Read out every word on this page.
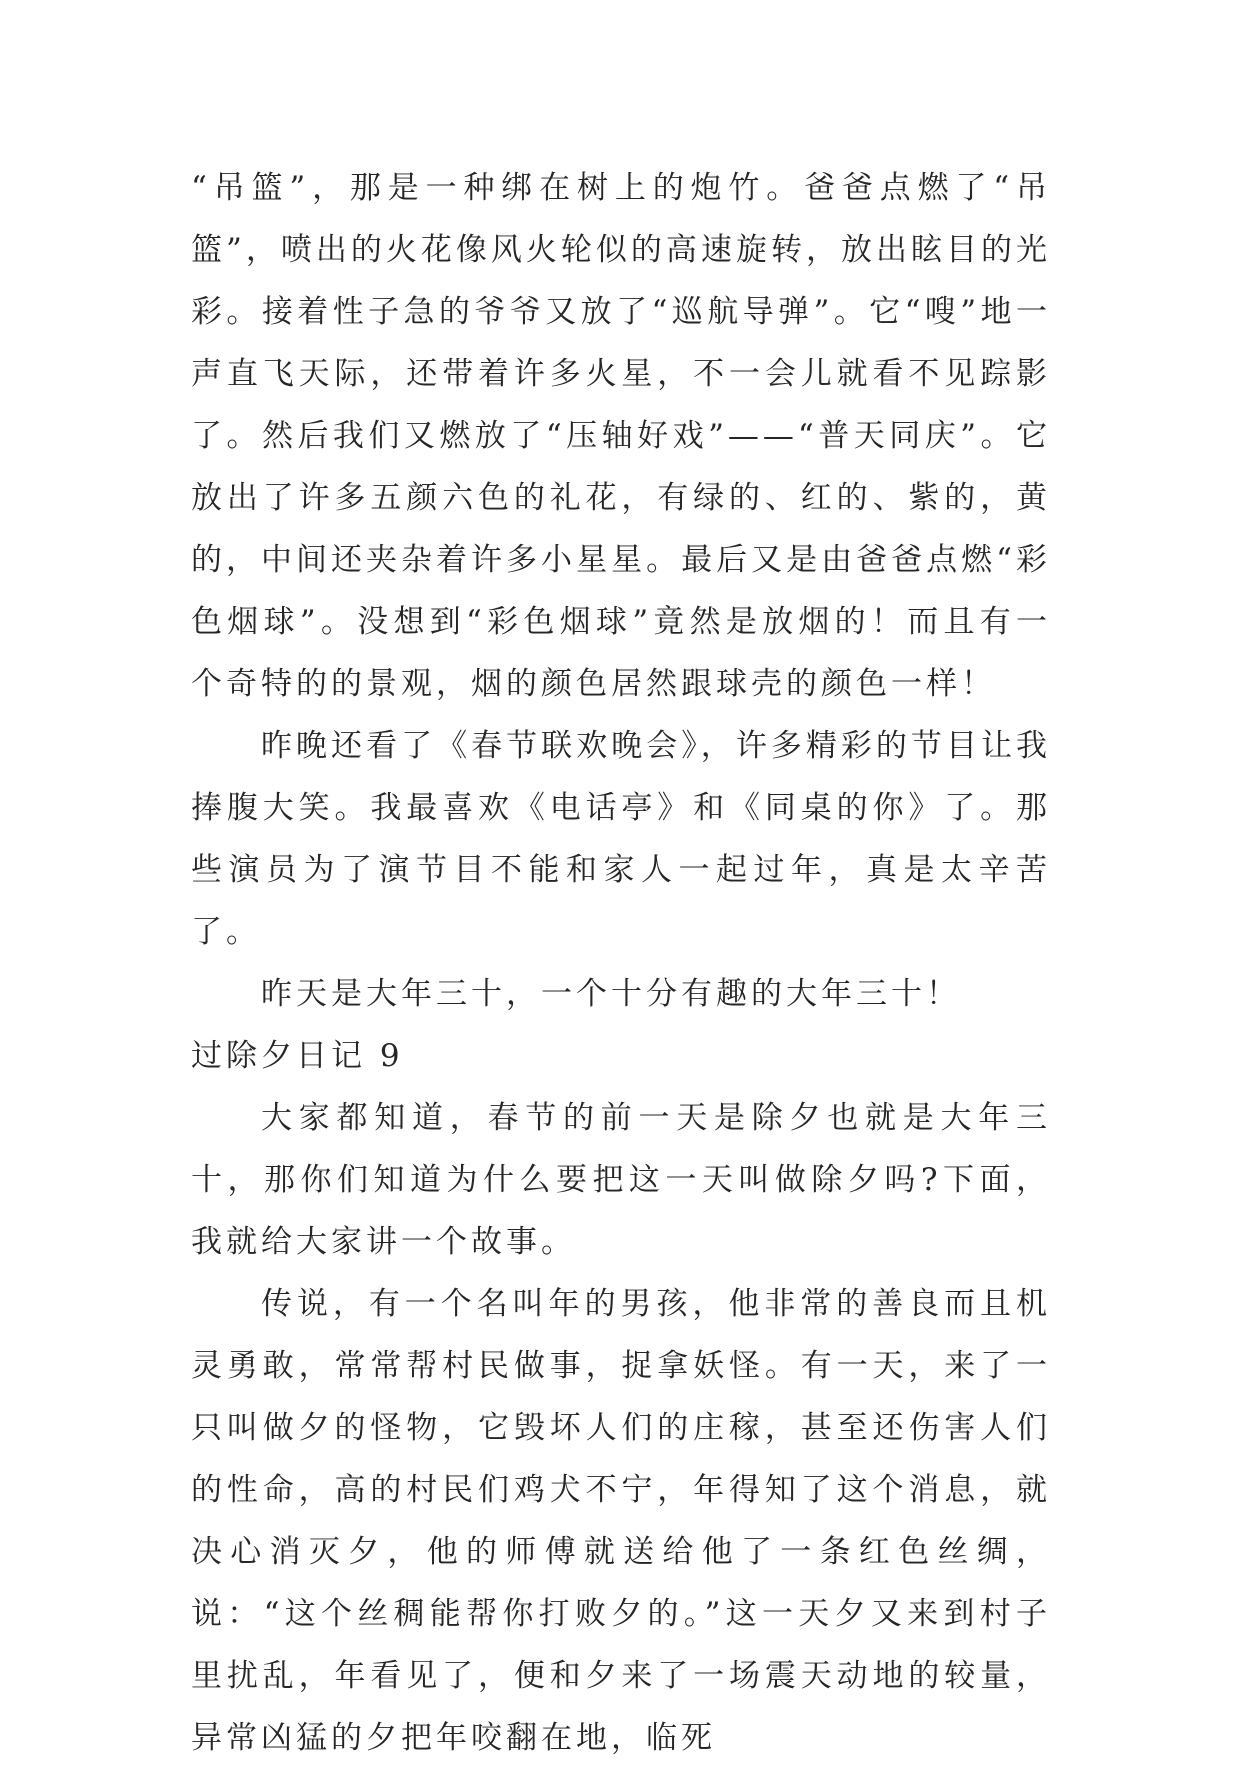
“吊篮”，那是一种绑在树上的炮竹。爸爸点燃了“吊篮”，喷出的火花像风火轮似的高速旋转，放出眩目的光彩。接着性子急的爷爷又放了“巡航导弹”。它“嗖”地一声直飞天际，还带着许多火星，不一会儿就看不见踪影了。然后我们又燃放了“压轴好戏”——“普天同庆”。它放出了许多五颜六色的礼花，有绿的、红的、紫的，黄的，中间还夹杂着许多小星星。最后又是由爸爸点燃“彩色烟球”。没想到“彩色烟球”竟然是放烟的！而且有一个奇特的的景观，烟的颜色居然跟球壳的颜色一样！

昨晚还看了《春节联欢晚会》，许多精彩的节目让我捧腹大笑。我最喜欢《电话亭》和《同桌的你》了。那些演员为了演节目不能和家人一起过年，真是太辛苦了。

昨天是大年三十，一个十分有趣的大年三十！

过除夕日记 9

大家都知道，春节的前一天是除夕也就是大年三十，那你们知道为什么要把这一天叫做除夕吗?下面，我就给大家讲一个故事。

传说，有一个名叫年的男孩，他非常的善良而且机灵勇敢，常常帮村民做事，捉拿妖怪。有一天，来了一只叫做夕的怪物，它毁坏人们的庄稼，甚至还伤害人们的性命，高的村民们鸡犬不宁，年得知了这个消息，就决心消灭夕，他的师傅就送给他了一条红色丝绸，说：“这个丝稠能帮你打败夕的。”这一天夕又来到村子里扰乱，年看见了，便和夕来了一场震天动地的较量，异常凶猛的夕把年咬翻在地，临死
